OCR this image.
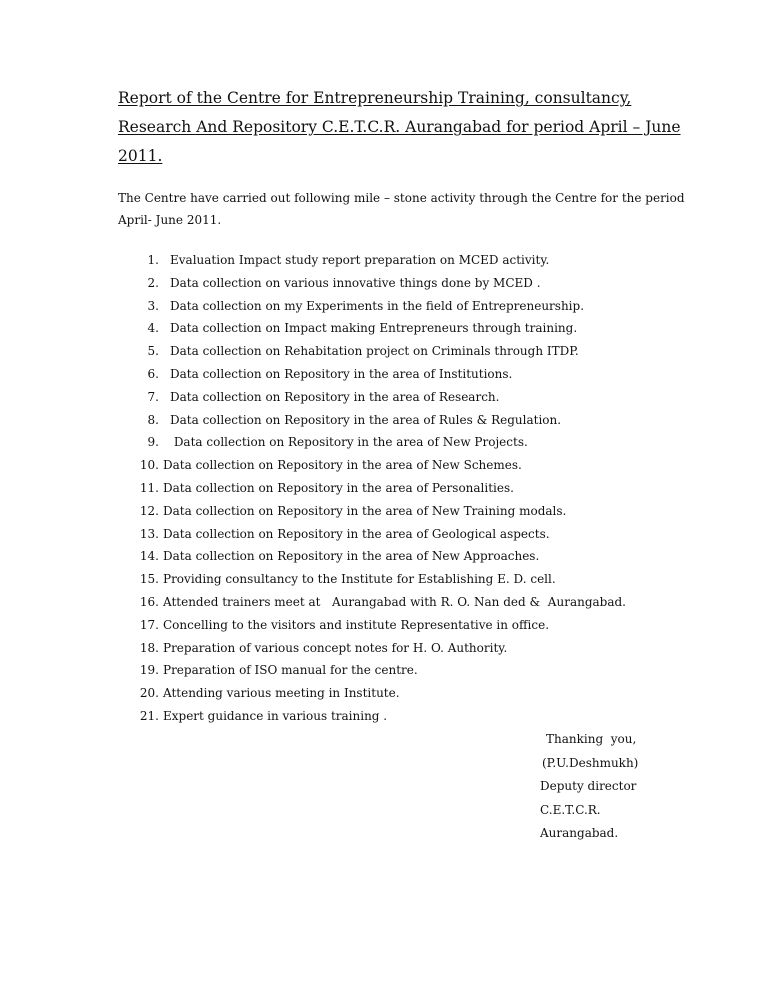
Report of the Centre for Entrepreneurship Training, consultancy,
Research And Repository C.E.T.C.R. Aurangabad for period April – June
2011.

The Centre have carried out following mile – stone activity through the Centre for the period
April- June 2011.

1. Evaluation Impact study report preparation on MCED activity.
2. Data collection on various innovative things done by MCED .
3. Data collection on my Experiments in the field of Entrepreneurship.
4. Data collection on Impact making Entrepreneurs through training.
5. Data collection on Rehabitation project on Criminals through ITDP.
6. Data collection on Repository in the area of Institutions.
7. Data collection on Repository in the area of Research.
8. Data collection on Repository in the area of Rules & Regulation.
9. Data collection on Repository in the area of New Projects.
10. Data collection on Repository in the area of New Schemes.
11. Data collection on Repository in the area of Personalities.
12. Data collection on Repository in the area of New Training modals.
13. Data collection on Repository in the area of Geological aspects.
14. Data collection on Repository in the area of New Approaches.
15. Providing consultancy to the Institute for Establishing E. D. cell.
16. Attended trainers meet at   Aurangabad with R. O. Nan ded &  Aurangabad.
17. Concelling to the visitors and institute Representative in office.
18. Preparation of various concept notes for H. O. Authority.
19. Preparation of ISO manual for the centre.
20. Attending various meeting in Institute.
21. Expert guidance in various training .
Thanking  you,
(P.U.Deshmukh)
Deputy director
C.E.T.C.R.
Aurangabad.
